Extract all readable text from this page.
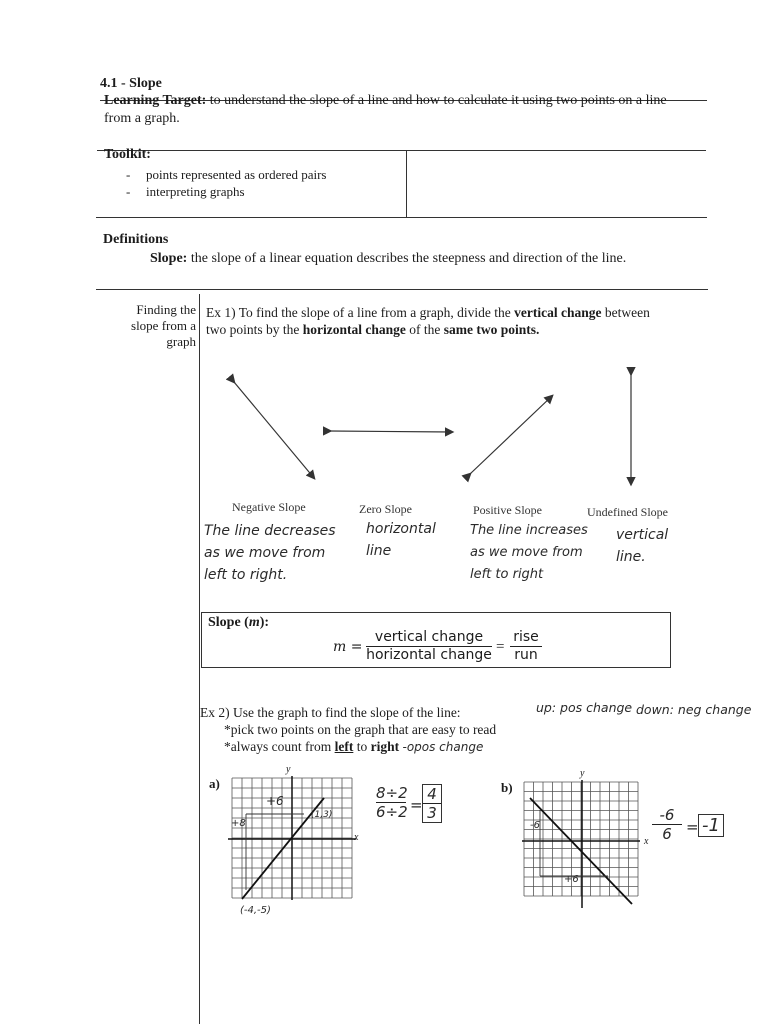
4.1 - Slope
Learning Target: to understand the slope of a line and how to calculate it using two points on a line
from a graph.
Toolkit:
- points represented as ordered pairs
- interpreting graphs
Definitions
Slope: the slope of a linear equation describes the steepness and direction of the line.
Finding the
slope from a
graph
Ex 1) To find the slope of a line from a graph, divide the vertical change between
two points by the horizontal change of the same two points.
Negative Slope	Zero Slope	Positive Slope	Undefined Slope
The line decreases
as we move from
left to right.
horizontal
line
The line increases
as we move from
left to right
vertical
line.
Slope (m):
m =
vertical change
horizontal change =
rise
run
Ex 2) Use the graph to find the slope of the line:
*pick two points on the graph that are easy to read
*always count from left to right -opos change
up: pos change down: neg change
a)
y
x
+6
+8
(1,3)
(-4,-5)
$\frac{8\div 2}{6\div 2} = \frac{4}{3}$	b)
y
x
-6
+6
$\frac{-6}{6} = -1$
